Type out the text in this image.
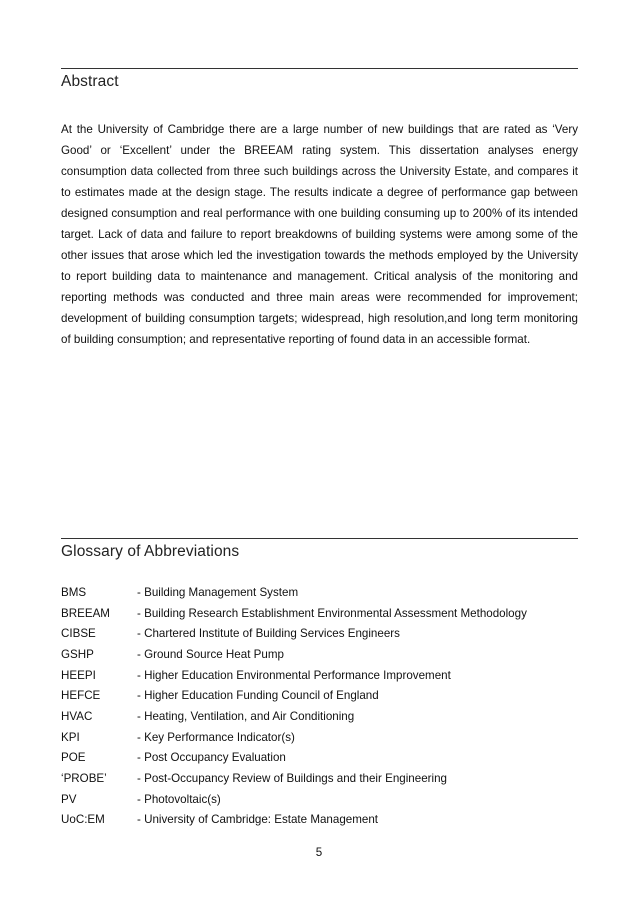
Abstract

At the University of Cambridge there are a large number of new buildings that are rated as ‘Very Good’ or ‘Excellent’ under the BREEAM rating system. This dissertation analyses energy consumption data collected from three such buildings across the University Estate, and compares it to estimates made at the design stage. The results indicate a degree of performance gap between designed consumption and real performance with one building consuming up to 200% of its intended target. Lack of data and failure to report breakdowns of building systems were among some of the other issues that arose which led the investigation towards the methods employed by the University to report building data to maintenance and management. Critical analysis of the monitoring and reporting methods was conducted and three main areas were recommended for improvement; development of building consumption targets; widespread, high resolution,and long term monitoring of building consumption; and representative reporting of found data in an accessible format.

Glossary of Abbreviations
BMS	- Building Management System
BREEAM	- Building Research Establishment Environmental Assessment Methodology
CIBSE	- Chartered Institute of Building Services Engineers
GSHP	- Ground Source Heat Pump
HEEPI	- Higher Education Environmental Performance Improvement
HEFCE	- Higher Education Funding Council of England
HVAC	- Heating, Ventilation, and Air Conditioning
KPI	- Key Performance Indicator(s)
POE	- Post Occupancy Evaluation
‘PROBE’	- Post-Occupancy Review of Buildings and their Engineering
PV	- Photovoltaic(s)
UoC:EM	- University of Cambridge: Estate Management
5
